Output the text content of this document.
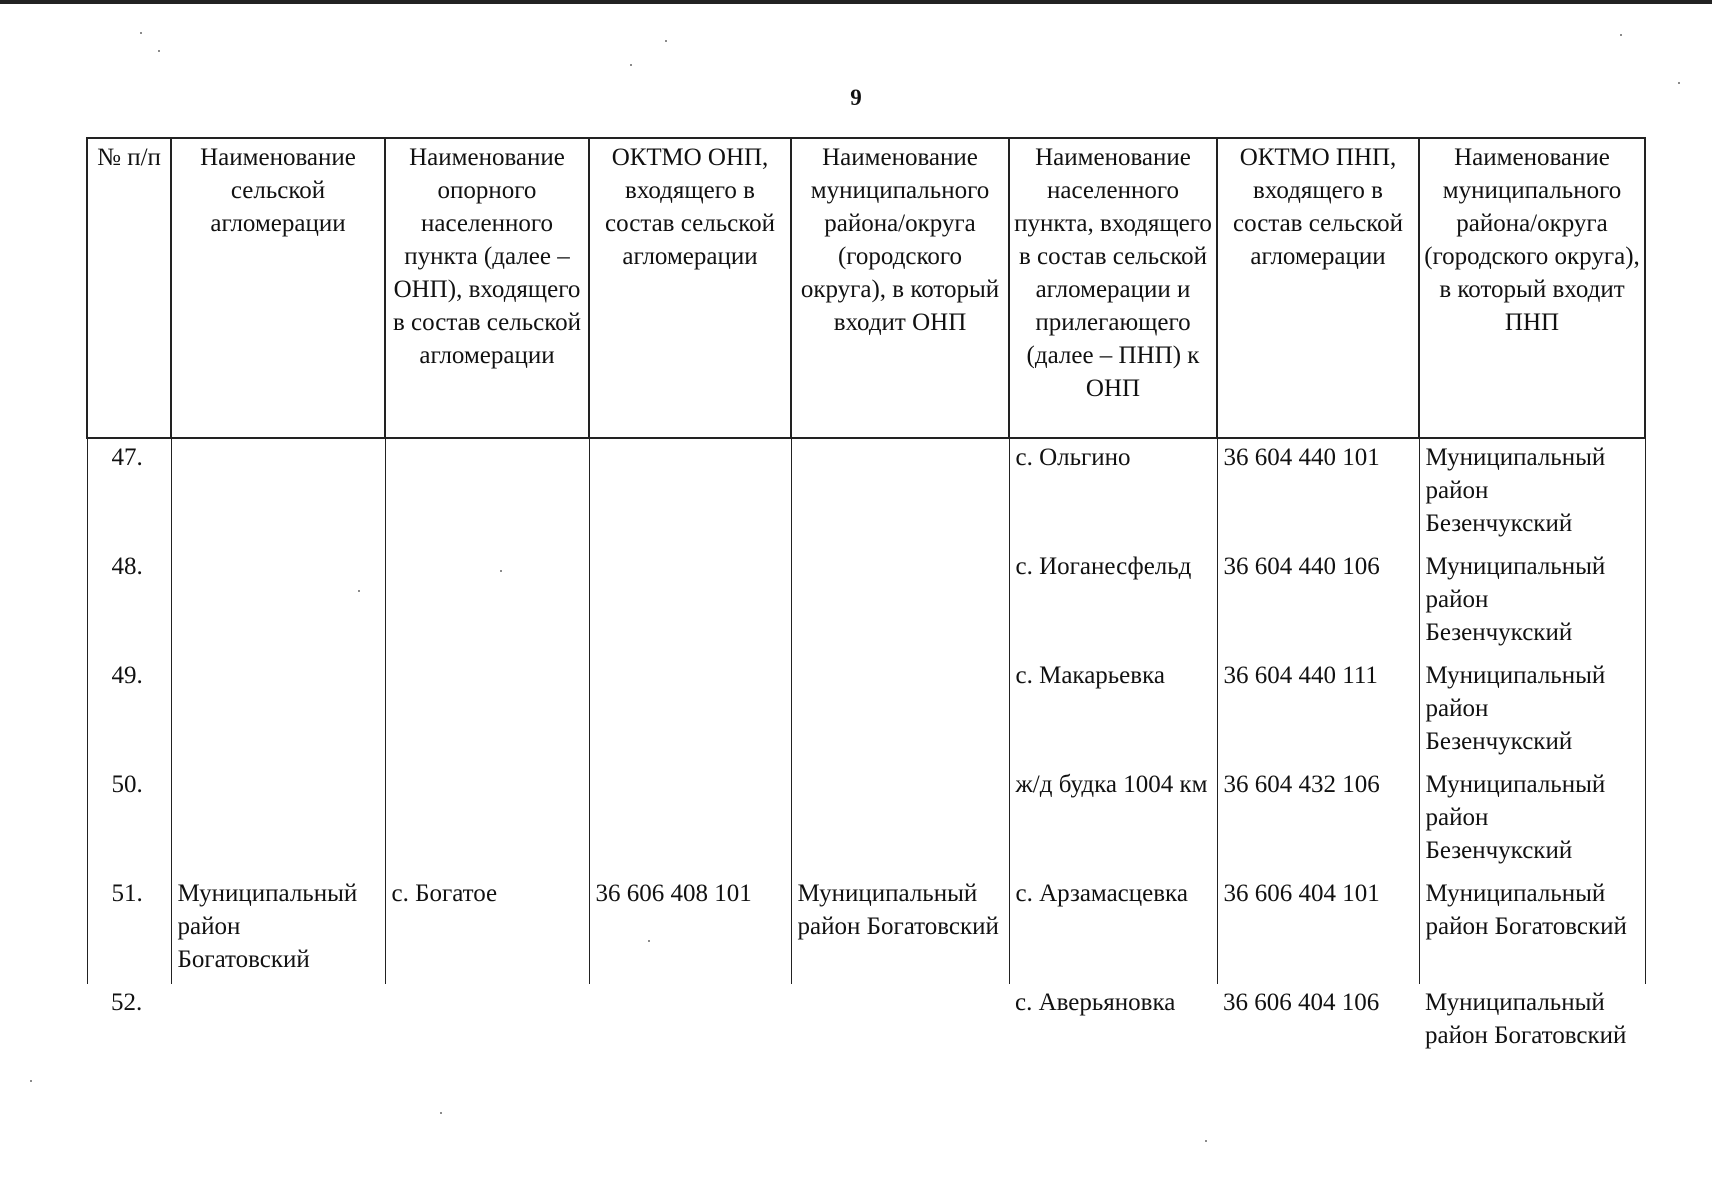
9
№ п/п	Наименование сельской агломерации	Наименование опорного населенного пункта (далее – ОНП), входящего в состав сельской агломерации	ОКТМО ОНП, входящего в состав сельской агломерации	Наименование муниципального района/округа (городского округа), в который входит ОНП	Наименование населенного пункта, входящего в состав сельской агломерации и прилегающего (далее – ПНП) к ОНП	ОКТМО ПНП, входящего в состав сельской агломерации	Наименование муниципального района/округа (городского округа), в который входит ПНП
47.					с. Ольгино	36 604 440 101	Муниципальный район Безенчукский
48.					с. Иоганесфельд	36 604 440 106	Муниципальный район Безенчукский
49.					с. Макарьевка	36 604 440 111	Муниципальный район Безенчукский
50.					ж/д будка 1004 км	36 604 432 106	Муниципальный район Безенчукский
51.	Муниципальный район Богатовский	с. Богатое	36 606 408 101	Муниципальный район Богатовский	с. Арзамасцевка	36 606 404 101	Муниципальный район Богатовский
52.					с. Аверьяновка	36 606 404 106	Муниципальный район Богатовский
